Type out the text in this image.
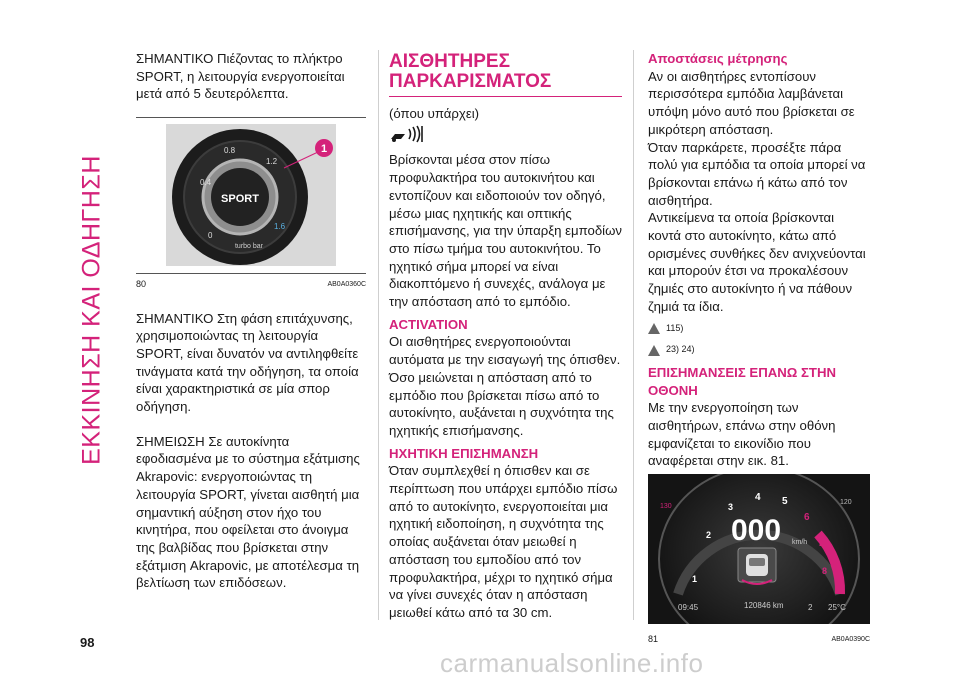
ΕΚΚΙΝΗΣΗ ΚΑΙ ΟΔΗΓΗΣΗ
98

ΣΗΜΑΝΤΙΚΟ Πιέζοντας το πλήκτρο SPORT, η λειτουργία ενεργοποιείται μετά από 5 δευτερόλεπτα.

SPORT
0.4
0.8
1.2
1.6
0
turbo bar
1
80	AB0A0360C

ΣΗΜΑΝΤΙΚΟ Στη φάση επιτάχυνσης, χρησιμοποιώντας τη λειτουργία SPORT, είναι δυνατόν να αντιληφθείτε τινάγματα κατά την οδήγηση, τα οποία είναι χαρακτηριστικά σε μία σπορ οδήγηση.

ΣΗΜΕΙΩΣΗ Σε αυτοκίνητα εφοδιασμένα με το σύστημα εξάτμισης Akrapovic: ενεργοποιώντας τη λειτουργία SPORT, γίνεται αισθητή μια σημαντική αύξηση στον ήχο του κινητήρα, που οφείλεται στο άνοιγμα της βαλβίδας που βρίσκεται στην εξάτμιση Akrapovic, με αποτέλεσμα τη βελτίωση των επιδόσεων.

ΑΙΣΘΗΤΗΡΕΣ ΠΑΡΚΑΡΙΣΜΑΤΟΣ

(όπου υπάρχει)

Βρίσκονται μέσα στον πίσω προφυλακτήρα του αυτοκινήτου και εντοπίζουν και ειδοποιούν τον οδηγό, μέσω μιας ηχητικής και οπτικής επισήμανσης, για την ύπαρξη εμποδίων στο πίσω τμήμα του αυτοκινήτου. Το ηχητικό σήμα μπορεί να είναι διακοπτόμενο ή συνεχές, ανάλογα με την απόσταση από το εμπόδιο.

ACTIVATION

Οι αισθητήρες ενεργοποιούνται αυτόματα με την εισαγωγή της όπισθεν. Όσο μειώνεται η απόσταση από το εμπόδιο που βρίσκεται πίσω από το αυτοκίνητο, αυξάνεται η συχνότητα της ηχητικής επισήμανσης.

ΗΧΗΤΙΚΗ ΕΠΙΣΗΜΑΝΣΗ

Όταν συμπλεχθεί η όπισθεν και σε περίπτωση που υπάρχει εμπόδιο πίσω από το αυτοκίνητο, ενεργοποιείται μια ηχητική ειδοποίηση, η συχνότητα της οποίας αυξάνεται όταν μειωθεί η απόσταση του εμποδίου από τον προφυλακτήρα, μέχρι το ηχητικό σήμα να γίνει συνεχές όταν η απόσταση μειωθεί κάτω από τα 30 cm.

Αποστάσεις μέτρησης

Αν οι αισθητήρες εντοπίσουν περισσότερα εμπόδια λαμβάνεται υπόψη μόνο αυτό που βρίσκεται σε μικρότερη απόσταση.

Όταν παρκάρετε, προσέξτε πάρα πολύ για εμπόδια τα οποία μπορεί να βρίσκονται επάνω ή κάτω από τον αισθητήρα.

Αντικείμενα τα οποία βρίσκονται κοντά στο αυτοκίνητο, κάτω από ορισμένες συνθήκες δεν ανιχνεύονται και μπορούν έτσι να προκαλέσουν ζημιές στο αυτοκίνητο ή να πάθουν ζημιά τα ίδια.

115)
23) 24)
ΕΠΙΣΗΜΑΝΣΕΙΣ ΕΠΑΝΩ ΣΤΗΝ ΟΘΟΝΗ

Με την ενεργοποίηση των αισθητήρων, επάνω στην οθόνη εμφανίζεται το εικονίδιο που αναφέρεται στην εικ. 81.

1
2
3
4 5
6
7
8
130
120
000 km/h
09:45	120846 km	2 25°C
81	AB0A0390C
carmanualsonline.info
